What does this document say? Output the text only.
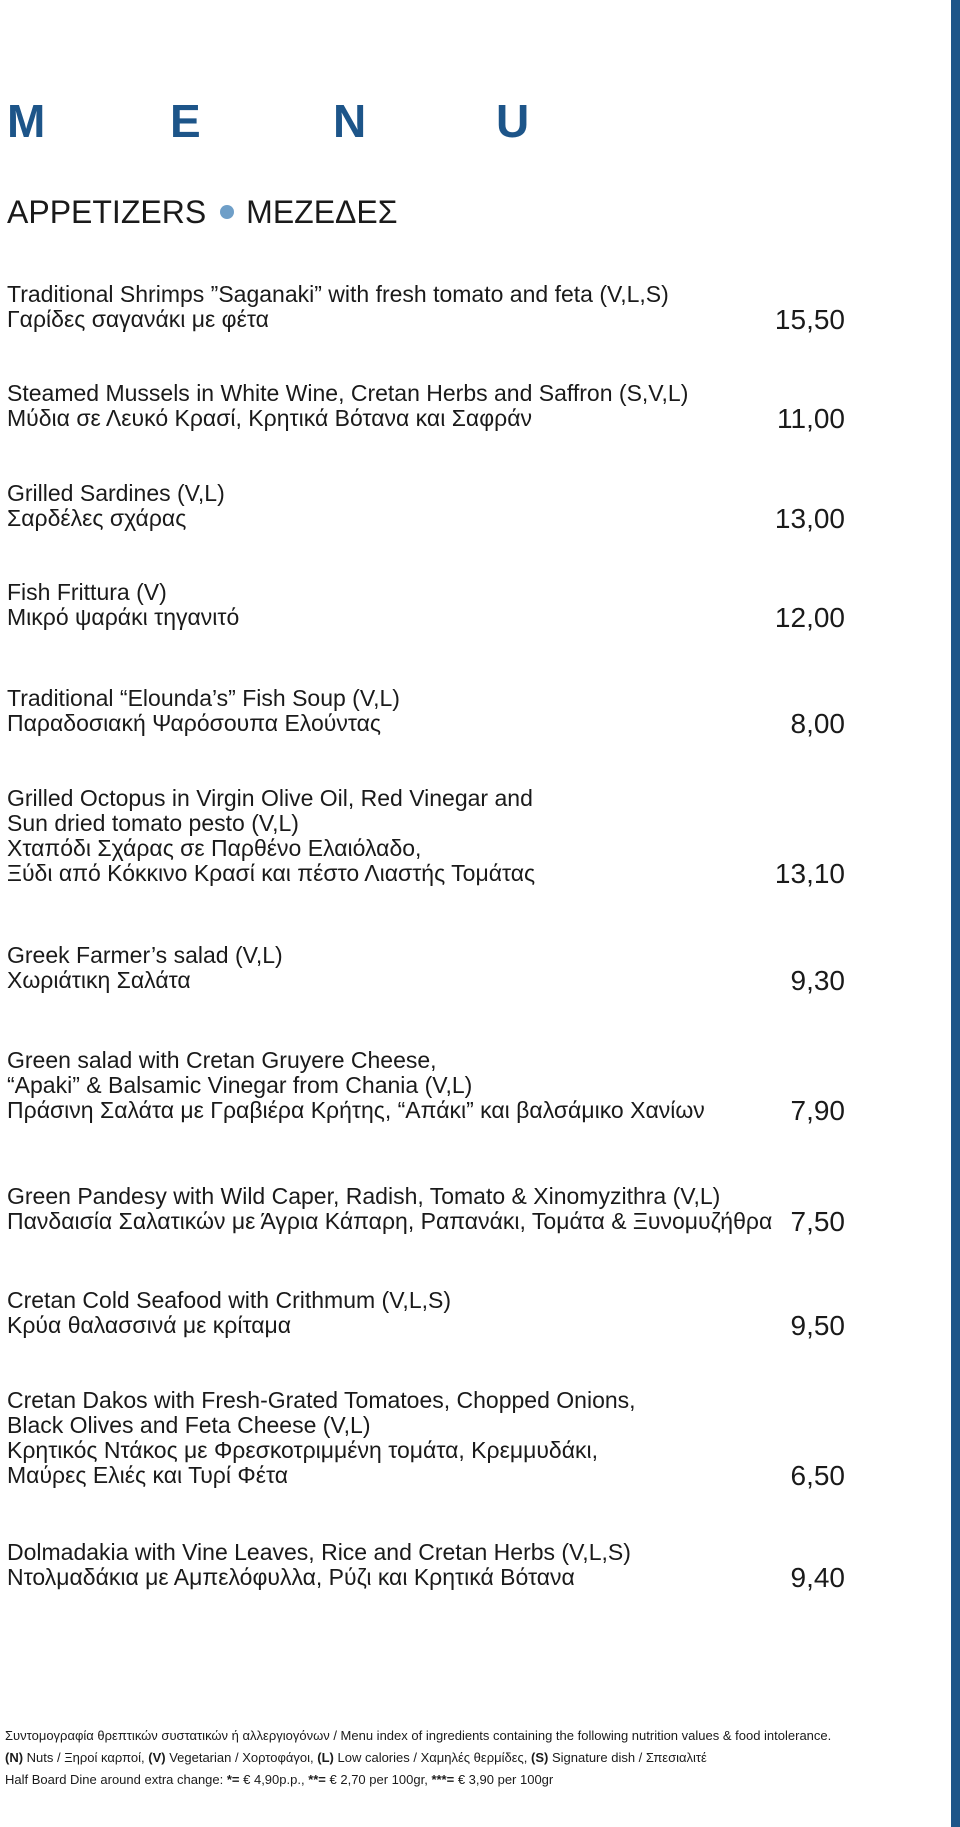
M	E	N	U
APPETIZERS ΜΕΖΕΔΕΣ
Traditional Shrimps ”Saganaki” with fresh tomato and feta (V,L,S)
Γαρίδες σαγανάκι με φέτα	15,50
Steamed Mussels in White Wine, Cretan Herbs and Saffron (S,V,L)
Μύδια σε Λευκό Κρασί, Κρητικά Βότανα και Σαφράν	11,00
Grilled Sardines (V,L)
Σαρδέλες σχάρας	13,00
Fish Frittura (V)
Μικρό ψαράκι τηγανιτό	12,00
Traditional “Elounda’s” Fish Soup (V,L)
Παραδοσιακή Ψαρόσουπα Ελούντας	8,00
Grilled Octopus in Virgin Olive Oil, Red Vinegar and
Sun dried tomato pesto (V,L)
Χταπόδι Σχάρας σε Παρθένο Ελαιόλαδο,
Ξύδι από Κόκκινο Κρασί και πέστο Λιαστής Τομάτας	13,10
Greek Farmer’s salad (V,L)
Χωριάτικη Σαλάτα	9,30
Green salad with Cretan Gruyere Cheese,
“Apaki” & Balsamic Vinegar from Chania (V,L)
Πράσινη Σαλάτα με Γραβιέρα Κρήτης, “Απάκι” και βαλσάμικο Χανίων	7,90
Green Pandesy with Wild Caper, Radish, Tomato & Xinomyzithra (V,L)
Πανδαισία Σαλατικών με Άγρια Κάπαρη, Ραπανάκι, Τομάτα & Ξυνομυζήθρα 7,50
Cretan Cold Seafood with Crithmum (V,L,S)
Κρύα θαλασσινά με κρίταμα	9,50
Cretan Dakos with Fresh-Grated Tomatoes, Chopped Onions,
Black Olives and Feta Cheese (V,L)
Κρητικός Ντάκος με Φρεσκοτριμμένη τομάτα, Κρεμμυδάκι,
Μαύρες Ελιές και Τυρί Φέτα	6,50
Dolmadakia with Vine Leaves, Rice and Cretan Herbs (V,L,S)
Ντολμαδάκια με Αμπελόφυλλα, Ρύζι και Κρητικά Βότανα	9,40
Συντομογραφία θρεπτικών συστατικών ή αλλεργιογόνων / Menu index of ingredients containing the following nutrition values & food intolerance.
(N) Nuts / Ξηροί καρποί, (V) Vegetarian / Χορτοφάγοι, (L) Low calories / Χαμηλές θερμίδες, (S) Signature dish / Σπεσιαλιτέ
Half Board Dine around extra change: *= € 4,90p.p., **= € 2,70 per 100gr, ***= € 3,90 per 100gr
